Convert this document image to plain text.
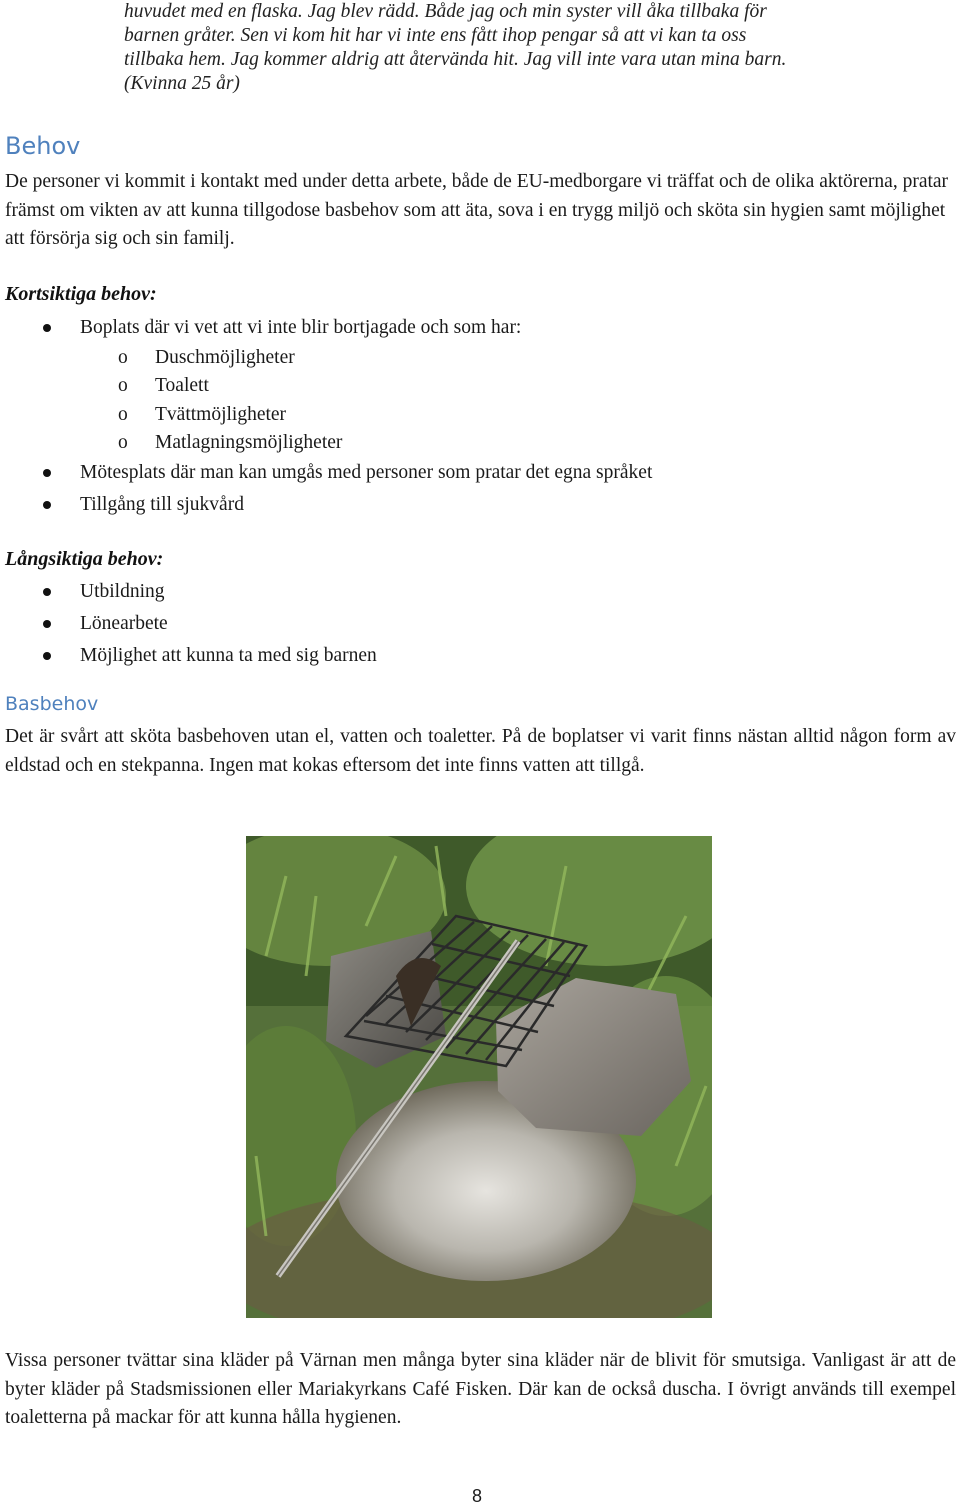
huvudet med en flaska. Jag blev rädd. Både jag och min syster vill åka tillbaka för

barnen gråter. Sen vi kom hit har vi inte ens fått ihop pengar så att vi kan ta oss

tillbaka hem. Jag kommer aldrig att återvända hit. Jag vill inte vara utan mina barn.

(Kvinna 25 år)

Behov

De personer vi kommit i kontakt med under detta arbete, både de EU-medborgare vi träffat och de olika aktörerna, pratar främst om vikten av att kunna tillgodose basbehov som att äta, sova i en trygg miljö och sköta sin hygien samt möjlighet att försörja sig och sin familj.

Kortsiktiga behov:
Boplats där vi vet att vi inte blir bortjagade och som har:
o Duschmöjligheter
o Toalett
o Tvättmöjligheter
o Matlagningsmöjligheter
Mötesplats där man kan umgås med personer som pratar det egna språket
Tillgång till sjukvård
Långsiktiga behov:
Utbildning
Lönearbete
Möjlighet att kunna ta med sig barnen
Basbehov

Det är svårt att sköta basbehoven utan el, vatten och toaletter. På de boplatser vi varit finns nästan alltid någon form av eldstad och en stekpanna. Ingen mat kokas eftersom det inte finns vatten att tillgå.

Vissa personer tvättar sina kläder på Värnan men många byter sina kläder när de blivit för smutsiga. Vanligast är att de byter kläder på Stadsmissionen eller Mariakyrkans Café Fisken. Där kan de också duscha. I övrigt används till exempel toaletterna på mackar för att kunna hålla hygienen.

8
